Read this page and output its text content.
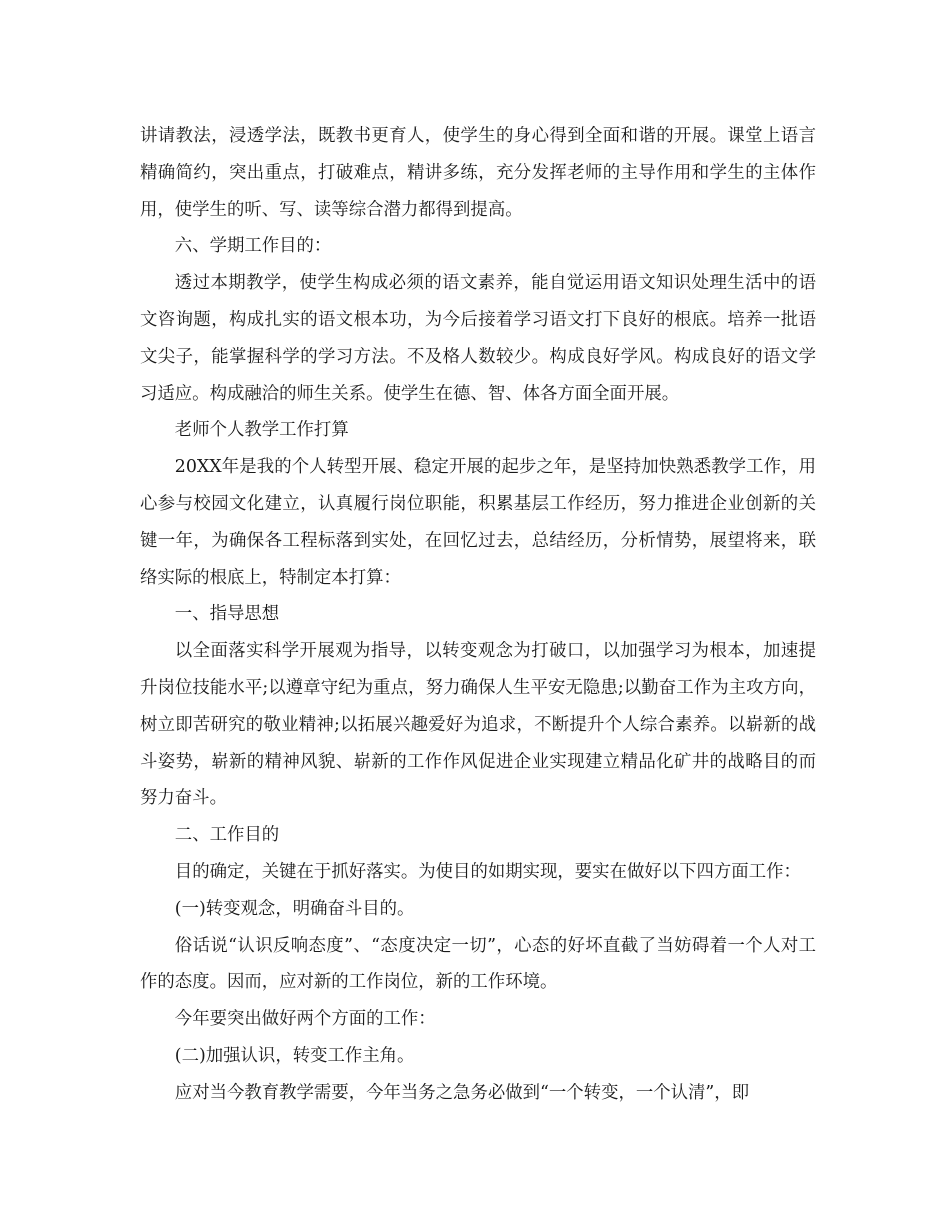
讲请教法，浸透学法，既教书更育人，使学生的身心得到全面和谐的开展。课堂上语言精确简约，突出重点，打破难点，精讲多练，充分发挥老师的主导作用和学生的主体作用，使学生的听、写、读等综合潜力都得到提高。

六、学期工作目的：

透过本期教学，使学生构成必须的语文素养，能自觉运用语文知识处理生活中的语文咨询题，构成扎实的语文根本功，为今后接着学习语文打下良好的根底。培养一批语文尖子，能掌握科学的学习方法。不及格人数较少。构成良好学风。构成良好的语文学习适应。构成融洽的师生关系。使学生在德、智、体各方面全面开展。

老师个人教学工作打算

20XX年是我的个人转型开展、稳定开展的起步之年，是坚持加快熟悉教学工作，用心参与校园文化建立，认真履行岗位职能，积累基层工作经历，努力推进企业创新的关键一年，为确保各工程标落到实处，在回忆过去，总结经历，分析情势，展望将来，联络实际的根底上，特制定本打算：

一、指导思想

以全面落实科学开展观为指导，以转变观念为打破口，以加强学习为根本，加速提升岗位技能水平;以遵章守纪为重点，努力确保人生平安无隐患;以勤奋工作为主攻方向，树立即苦研究的敬业精神;以拓展兴趣爱好为追求，不断提升个人综合素养。以崭新的战斗姿势，崭新的精神风貌、崭新的工作作风促进企业实现建立精品化矿井的战略目的而努力奋斗。

二、工作目的

目的确定，关键在于抓好落实。为使目的如期实现，要实在做好以下四方面工作：

(一)转变观念，明确奋斗目的。

俗话说“认识反响态度”、“态度决定一切”，心态的好坏直截了当妨碍着一个人对工作的态度。因而，应对新的工作岗位，新的工作环境。

今年要突出做好两个方面的工作：

(二)加强认识，转变工作主角。

应对当今教育教学需要，今年当务之急务必做到“一个转变，一个认清”，即
